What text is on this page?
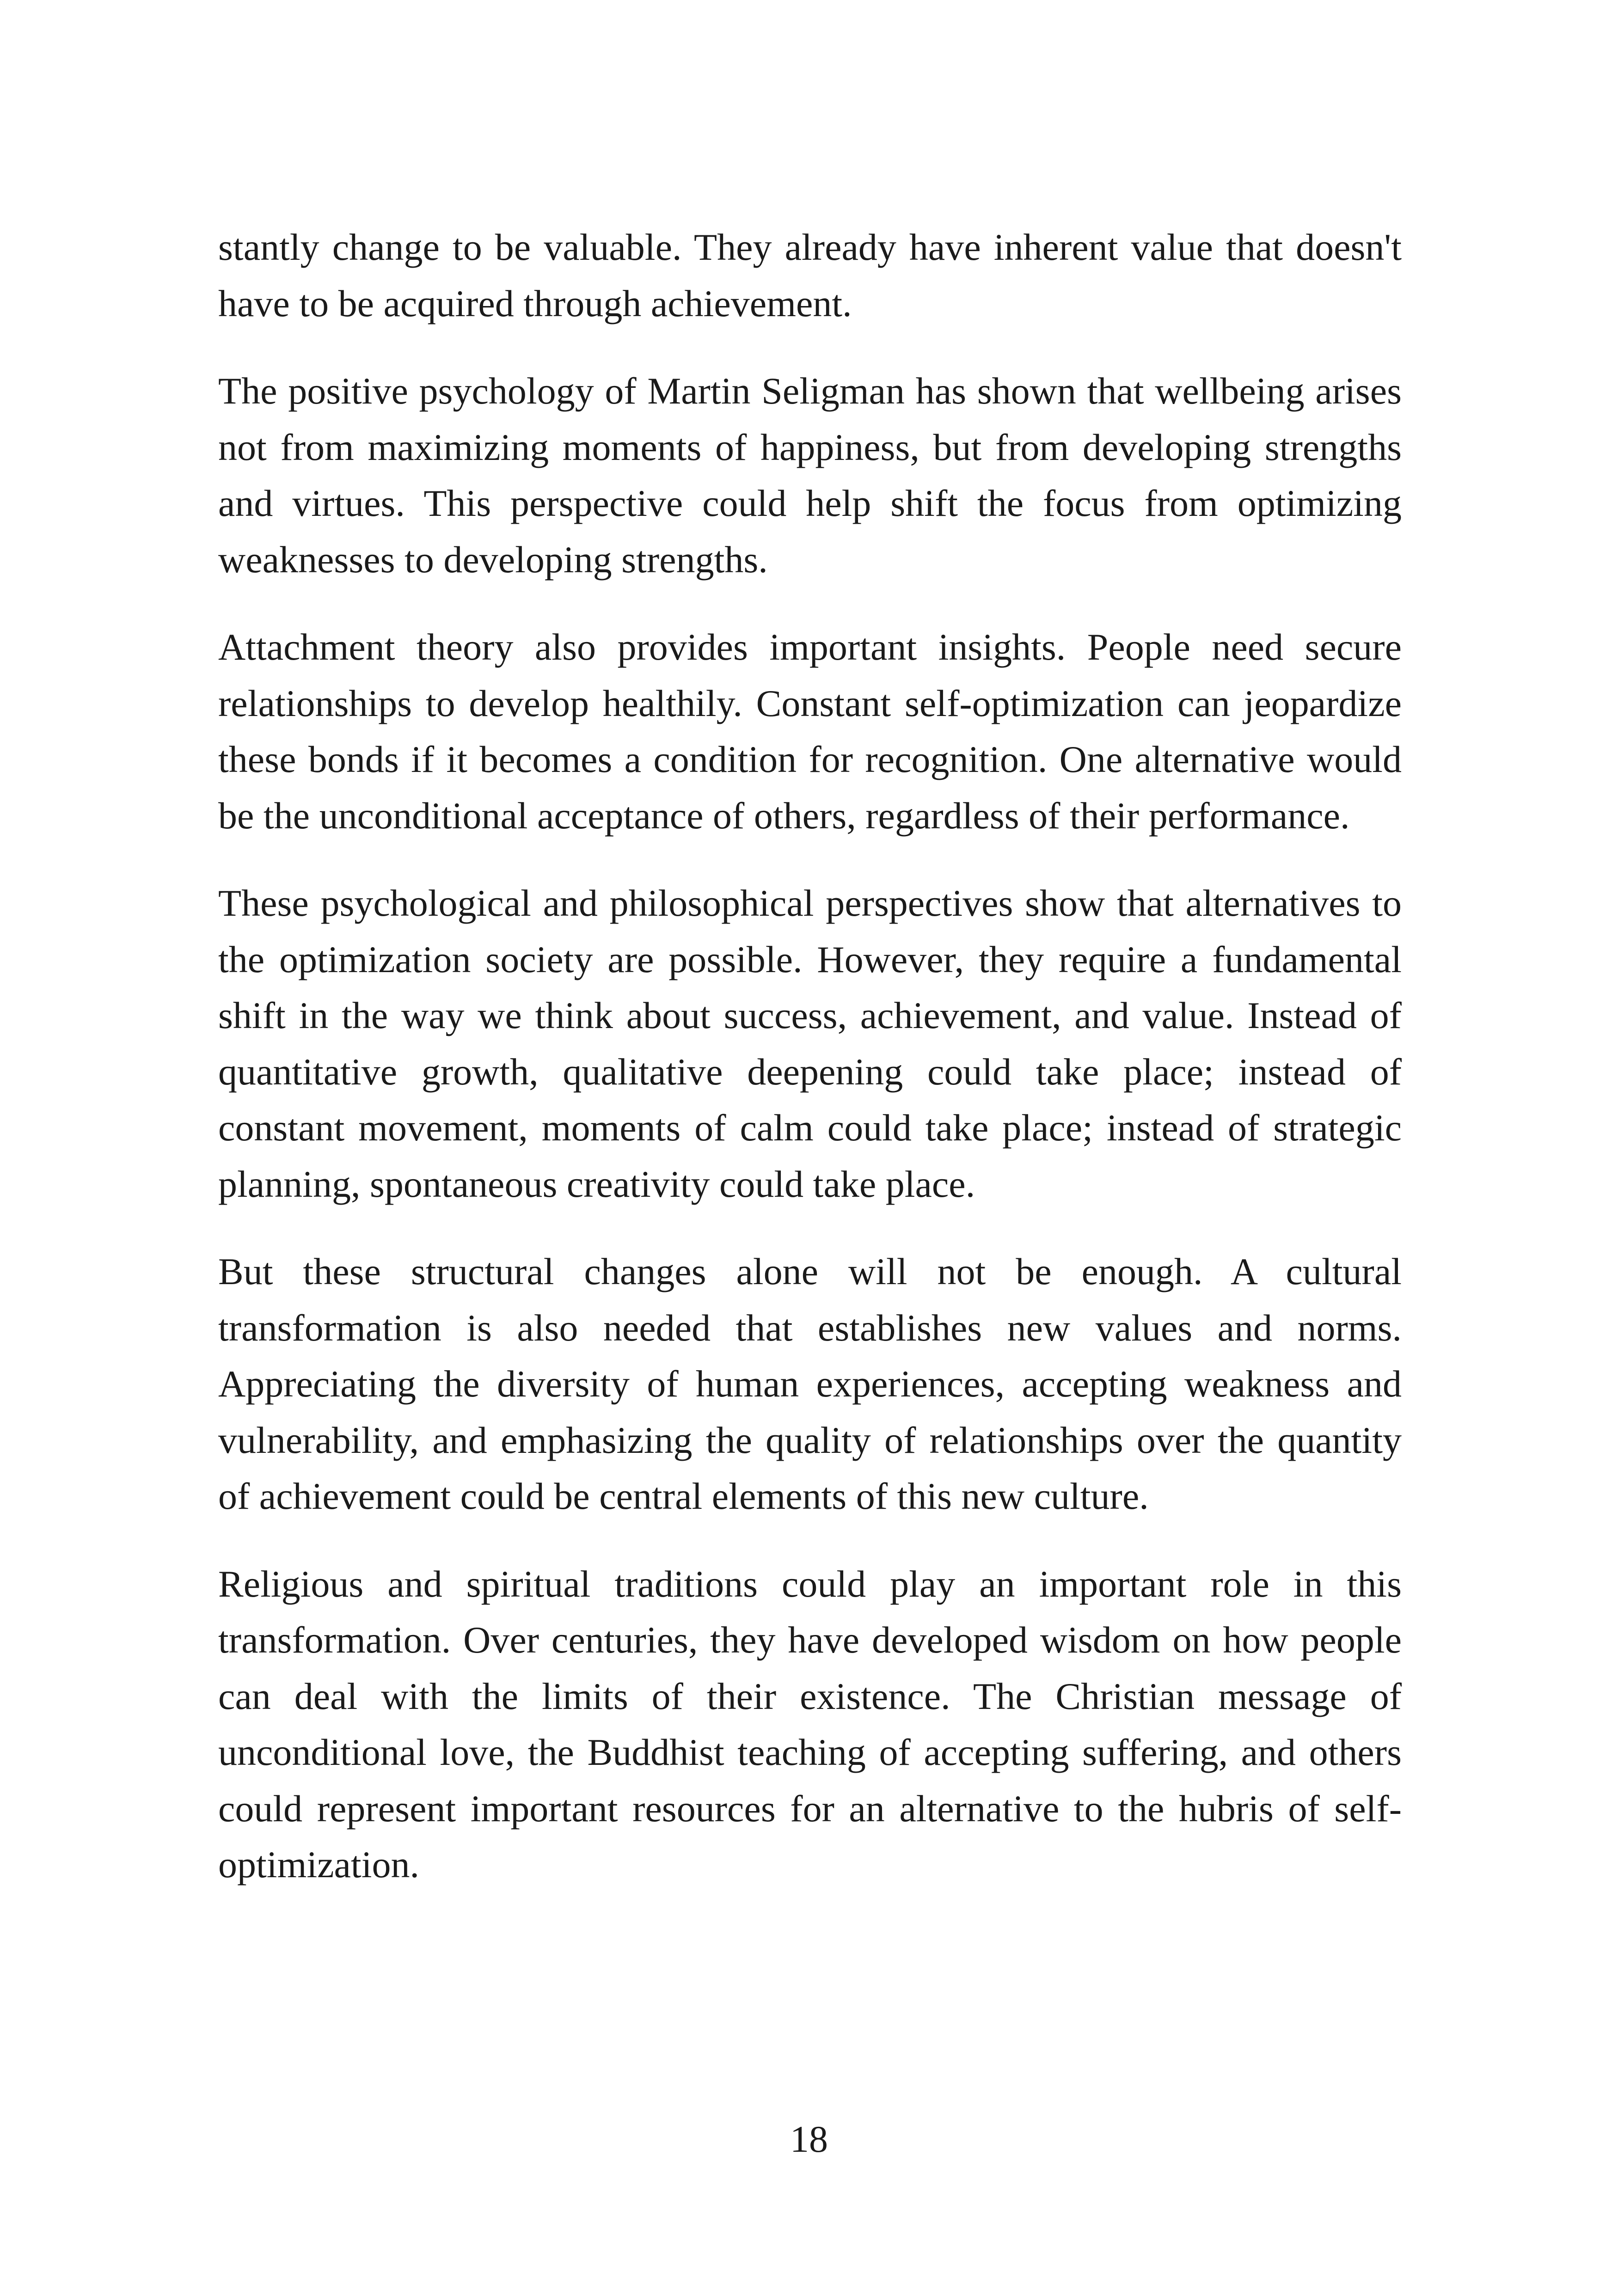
stantly change to be valuable. They already have inherent value that doesn't have to be acquired through achievement.

The positive psychology of Martin Seligman has shown that wellbeing arises not from maximizing moments of happiness, but from developing strengths and virtues. This perspective could help shift the focus from optimizing weaknesses to developing strengths.

Attachment theory also provides important insights. People need secure relationships to develop healthily. Constant self-optimization can jeopardize these bonds if it becomes a condition for recognition. One alternative would be the unconditional acceptance of others, regardless of their performance.

These psychological and philosophical perspectives show that alternatives to the optimization society are possible. However, they require a fundamental shift in the way we think about success, achievement, and value. Instead of quantitative growth, qualitative deepening could take place; instead of constant movement, moments of calm could take place; instead of strategic planning, spontaneous creativity could take place.

But these structural changes alone will not be enough. A cultural transformation is also needed that establishes new values and norms. Appreciating the diversity of human experiences, accepting weakness and vulnerability, and emphasizing the quality of relationships over the quantity of achievement could be central elements of this new culture.

Religious and spiritual traditions could play an important role in this transformation. Over centuries, they have developed wisdom on how people can deal with the limits of their existence. The Christian message of unconditional love, the Buddhist teaching of accepting suffering, and others could represent important resources for an alternative to the hubris of self-optimization.

18
